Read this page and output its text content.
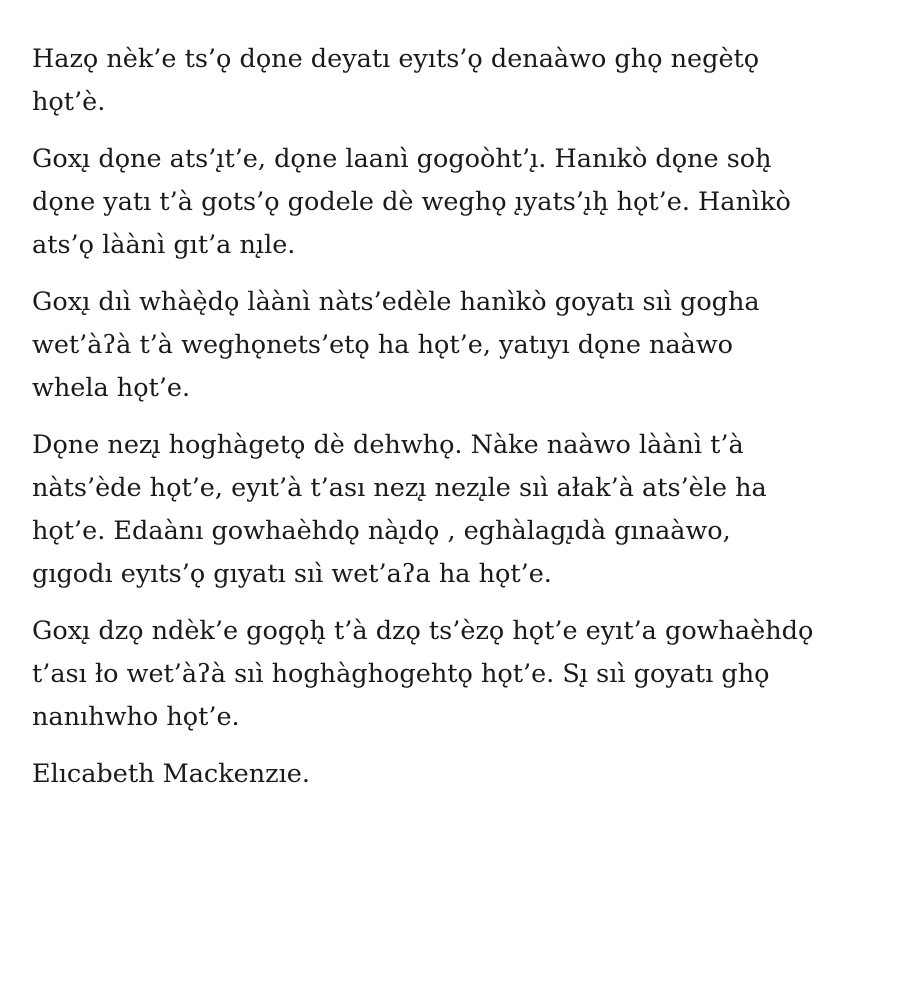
Hazǫ nèk’e ts’ǫ dǫne deyatı eyıts’ǫ denaàwo ghǫ negètǫ
hǫt’è.

Goxı̨ dǫne ats’ı̨t’e, dǫne laanì gogoòht’ı̨. Hanıkò dǫne soh̨
dǫne yatı t’à gots’ǫ godele dè weghǫ ı̨yats’ı̨h̨ hǫt’e. Hanìkò
ats’ǫ làànì gıt’a nı̨le.

Goxı̨ dıì whàę̀dǫ làànì nàts’edèle hanìkò goyatı sıì gogha
wet’àʔà t’à weghǫnets’etǫ ha hǫt’e, yatıyı dǫne naàwo
whela hǫt’e.

Dǫne nezı̨ hoghàgetǫ dè dehwhǫ. Nàke naàwo làànì t’à
nàts’ède hǫt’e, eyıt’à t’ası nezı̨ nezı̨le sıì ałak’à ats’èle ha
hǫt’e. Edaànı gowhaèhdǫ nàı̨dǫ , eghàlagı̨dà gınaàwo,
gıgodı eyıts’ǫ gıyatı sıì wet’aʔa ha hǫt’e.

Goxı̨ dzǫ ndèk’e gogǫh̨ t’à dzǫ ts’èzǫ hǫt’e eyıt’a gowhaèhdǫ
t’ası ło wet’àʔà sıì hoghàghogehtǫ hǫt’e. Sı̨ sıì goyatı ghǫ
nanıhwho hǫt’e.

Elıcabeth Mackenzıe.
